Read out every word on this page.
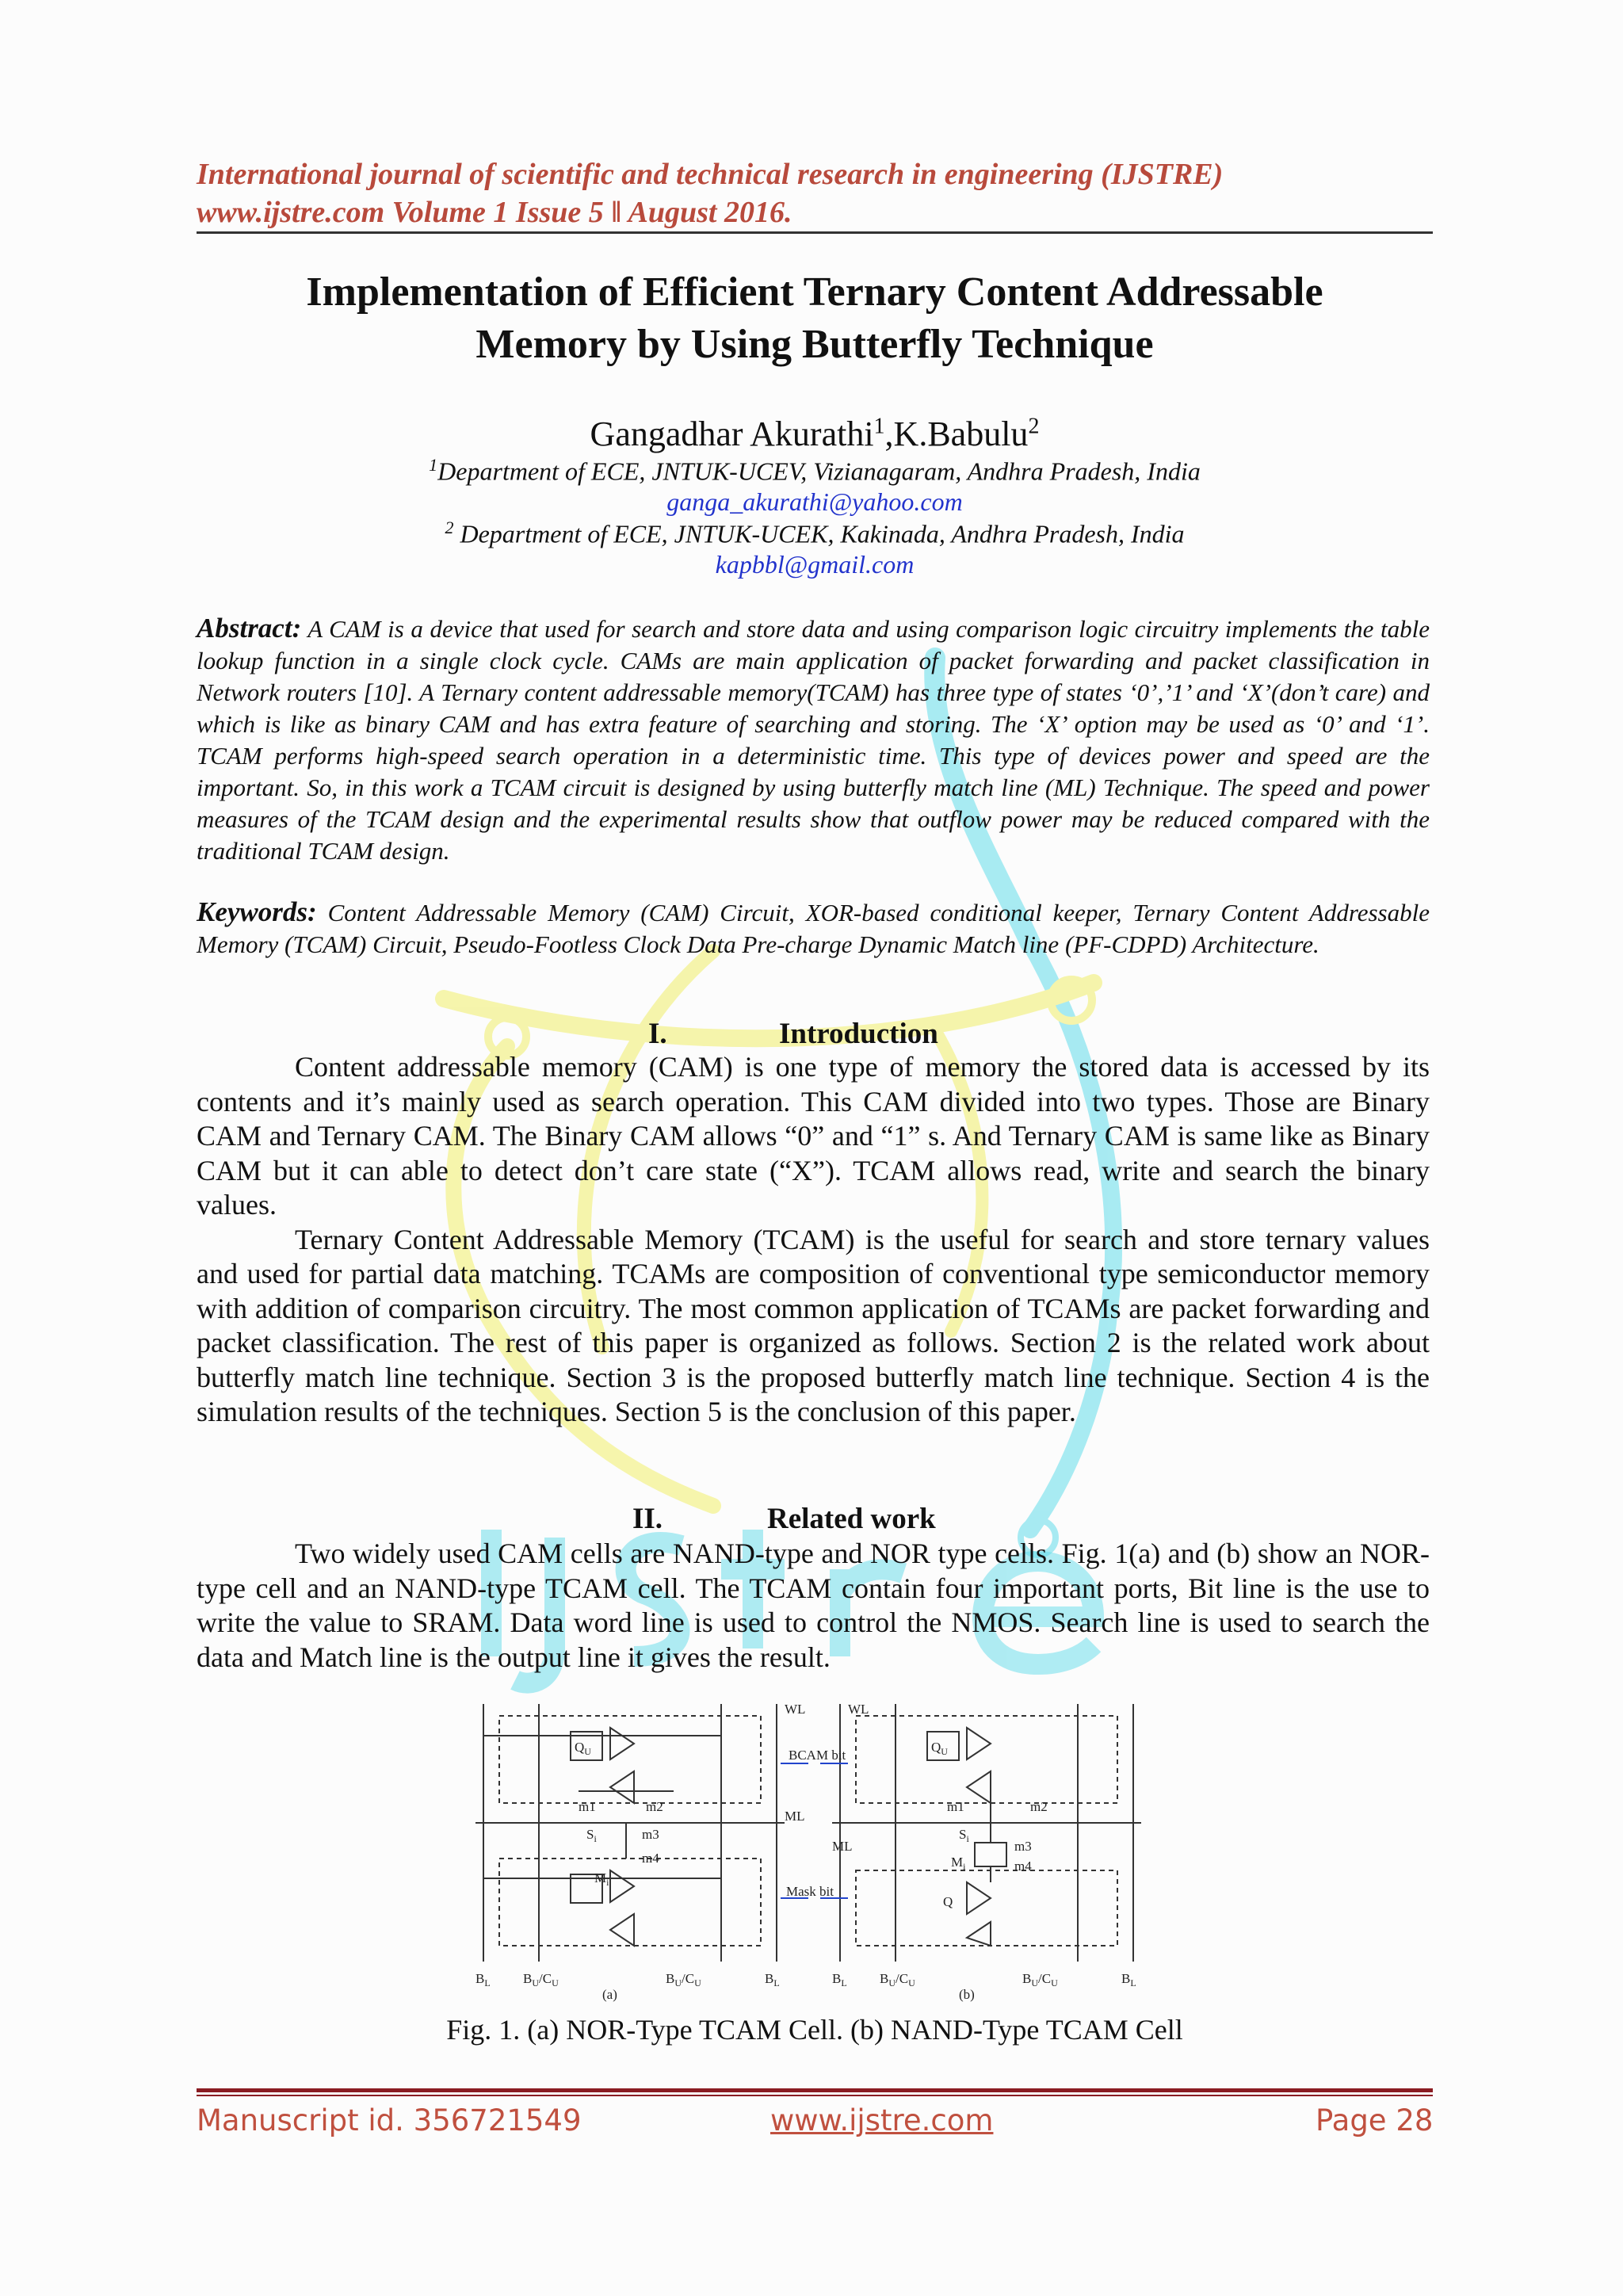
International journal of scientific and technical research in engineering (IJSTRE)
www.ijstre.com Volume 1 Issue 5 ǁ August 2016.
Implementation of Efficient Ternary Content Addressable
Memory by Using Butterfly Technique
Gangadhar Akurathi$^1$,K.Babulu$^2$
$^1$Department of ECE, JNTUK-UCEV, Vizianagaram, Andhra Pradesh, India
ganga_akurathi@yahoo.com
$^2$ Department of ECE, JNTUK-UCEK, Kakinada, Andhra Pradesh, India
kapbbl@gmail.com
Abstract: A CAM is a device that used for search and store data and using comparison logic circuitry implements the table lookup function in a single clock cycle. CAMs are main application of packet forwarding and packet classification in Network routers [10]. A Ternary content addressable memory(TCAM) has three type of states ‘0’,’1’ and ‘X’(don’t care) and which is like as binary CAM and has extra feature of searching and storing. The ‘X’ option may be used as ‘0’ and ‘1’. TCAM performs high-speed search operation in a deterministic time. This type of devices power and speed are the important. So, in this work a TCAM circuit is designed by using butterfly match line (ML) Technique. The speed and power measures of the TCAM design and the experimental results show that outflow power may be reduced compared with the traditional TCAM design.
Keywords: Content Addressable Memory (CAM) Circuit, XOR-based conditional keeper, Ternary Content Addressable Memory (TCAM) Circuit, Pseudo-Footless Clock Data Pre-charge Dynamic Match line (PF-CDPD) Architecture.
I.	Introduction

Content addressable memory (CAM) is one type of memory the stored data is accessed by its contents and it’s mainly used as search operation. This CAM divided into two types. Those are Binary CAM and Ternary CAM. The Binary CAM allows “0” and “1” s. And Ternary CAM is same like as Binary CAM but it can able to detect don’t care state (“X”). TCAM allows read, write and search the binary values.

Ternary Content Addressable Memory (TCAM) is the useful for search and store ternary values and used for partial data matching. TCAMs are composition of conventional type semiconductor memory with addition of comparison circuitry. The most common application of TCAMs are packet forwarding and packet classification. The rest of this paper is organized as follows. Section 2 is the related work about butterfly match line technique. Section 3 is the proposed butterfly match line technique. Section 4 is the simulation results of the techniques. Section 5 is the conclusion of this paper.

II.	Related work

Two widely used CAM cells are NAND-type and NOR type cells. Fig. 1(a) and (b) show an NOR-type cell and an NAND-type TCAM cell. The TCAM contain four important ports, Bit line is the use to write the value to SRAM. Data word line is used to control the NMOS. Search line is used to search the data and Match line is the output line it gives the result.

WL	WL
BCAM bit
ML
ML
Mask bit
$Q_U$	$Q_U$
Q
m1	m2	m1	m2
m3
m4
m3
m4
$S_i$	$S_i$
$M_i$
$M_i$
$B_L$ $B_U/C_U$	$B_U/C_U$	$B_L$
(a)
$B_L$ $B_U/C_U$	$B_U/C_U$	$B_L$
(b)
Fig. 1. (a) NOR-Type TCAM Cell. (b) NAND-Type TCAM Cell
Manuscript id. 356721549	www.ijstre.com	Page 28
